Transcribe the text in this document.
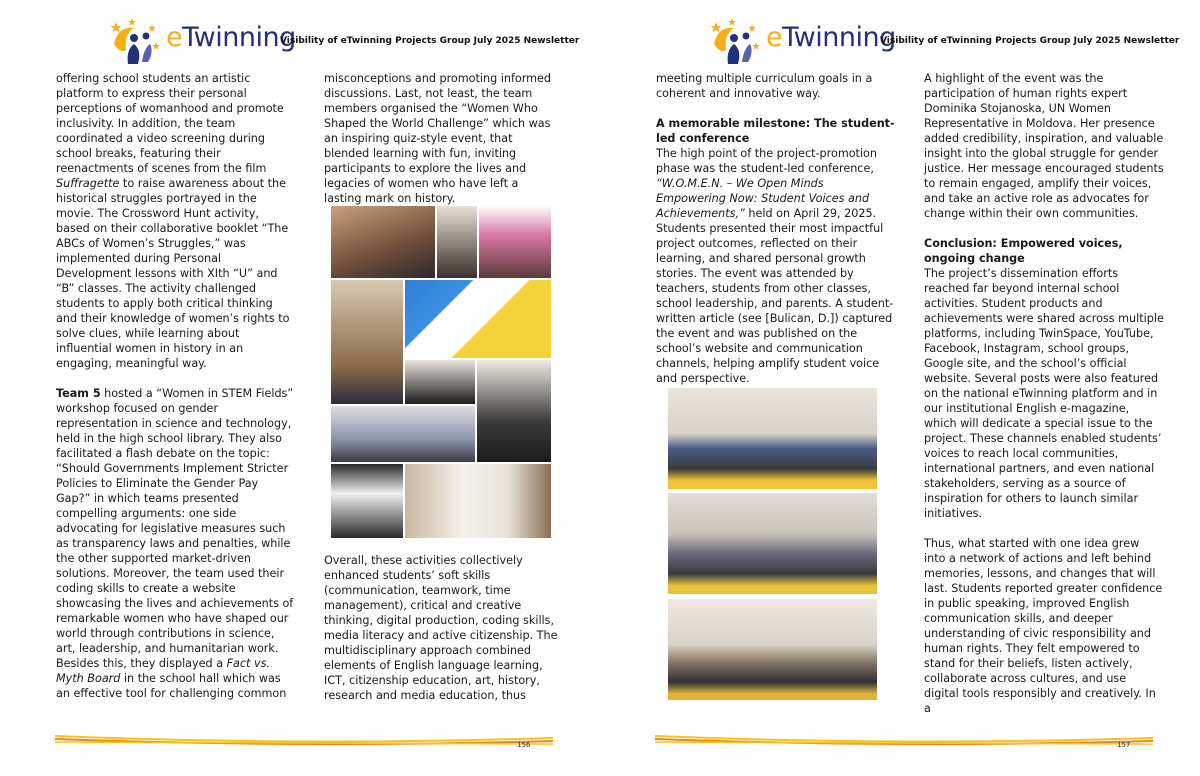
eTwinning
Visibility of eTwinning Projects Group July 2025 Newsletter

offering school students an artistic platform to express their personal perceptions of womanhood and promote inclusivity. In addition, the team coordinated a video screening during school breaks, featuring their reenactments of scenes from the film Suffragette to raise awareness about the historical struggles portrayed in the movie. The Crossword Hunt activity, based on their collaborative booklet “The ABCs of Women’s Struggles,” was implemented during Personal Development lessons with XIth “U” and “B” classes. The activity challenged students to apply both critical thinking and their knowledge of women’s rights to solve clues, while learning about influential women in history in an engaging, meaningful way.

Team 5 hosted a “Women in STEM Fields” workshop focused on gender representation in science and technology, held in the high school library. They also facilitated a flash debate on the topic: “Should Governments Implement Stricter Policies to Eliminate the Gender Pay Gap?” in which teams presented compelling arguments: one side advocating for legislative measures such as transparency laws and penalties, while the other supported market-driven solutions. Moreover, the team used their coding skills to create a website showcasing the lives and achievements of remarkable women who have shaped our world through contributions in science, art, leadership, and humanitarian work. Besides this, they displayed a Fact vs. Myth Board in the school hall which was an effective tool for challenging common

misconceptions and promoting informed discussions. Last, not least, the team members organised the “Women Who Shaped the World Challenge” which was an inspiring quiz-style event, that blended learning with fun, inviting participants to explore the lives and legacies of women who have left a lasting mark on history.

Overall, these activities collectively enhanced students’ soft skills (communication, teamwork, time management), critical and creative thinking, digital production, coding skills, media literacy and active citizenship. The multidisciplinary approach combined elements of English language learning, ICT, citizenship education, art, history, research and media education, thus

156
eTwinning
Visibility of eTwinning Projects Group July 2025 Newsletter

meeting multiple curriculum goals in a coherent and innovative way.

A memorable milestone: The student-led conference

The high point of the project-promotion phase was the student-led conference, “W.O.M.E.N. – We Open Minds Empowering Now: Student Voices and Achievements,” held on April 29, 2025. Students presented their most impactful project outcomes, reflected on their learning, and shared personal growth stories. The event was attended by teachers, students from other classes, school leadership, and parents. A student-written article (see [Bulican, D.]) captured the event and was published on the school’s website and communication channels, helping amplify student voice and perspective.

A highlight of the event was the participation of human rights expert Dominika Stojanoska, UN Women Representative in Moldova. Her presence added credibility, inspiration, and valuable insight into the global struggle for gender justice. Her message encouraged students to remain engaged, amplify their voices, and take an active role as advocates for change within their own communities.

Conclusion: Empowered voices, ongoing change

The project’s dissemination efforts reached far beyond internal school activities. Student products and achievements were shared across multiple platforms, including TwinSpace, YouTube, Facebook, Instagram, school groups, Google site, and the school’s official website. Several posts were also featured on the national eTwinning platform and in our institutional English e-magazine, which will dedicate a special issue to the project. These channels enabled students’ voices to reach local communities, international partners, and even national stakeholders, serving as a source of inspiration for others to launch similar initiatives.

Thus, what started with one idea grew into a network of actions and left behind memories, lessons, and changes that will last. Students reported greater confidence in public speaking, improved English communication skills, and deeper understanding of civic responsibility and human rights. They felt empowered to stand for their beliefs, listen actively, collaborate across cultures, and use digital tools responsibly and creatively. In a

157
